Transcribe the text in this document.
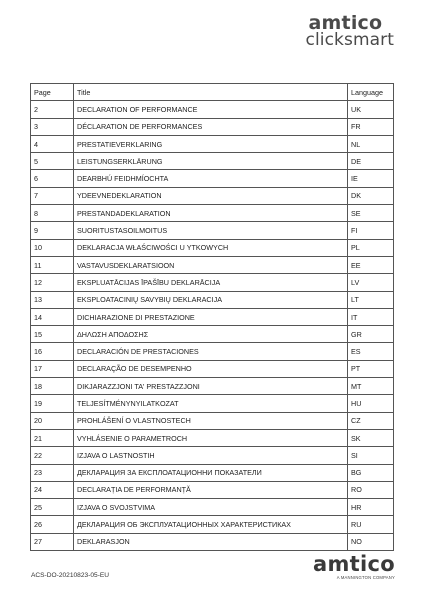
amtico
clicksmart
Page	Title	Language
2	DECLARATION OF PERFORMANCE	UK
3	DÉCLARATION DE PERFORMANCES	FR
4	PRESTATIEVERKLARING	NL
5	LEISTUNGSERKLÄRUNG	DE
6	DEARBHÚ FEIDHMÍOCHTA	IE
7	YDEEVNEDEKLARATION	DK
8	PRESTANDADEKLARATION	SE
9	SUORITUSTASOILMOITUS	FI
10	DEKLARACJA WŁAŚCIWOŚCI U YTKOWYCH	PL
11	VASTAVUSDEKLARATSIOON	EE
12	EKSPLUATĀCIJAS ĪPAŠĪBU DEKLARĀCIJA	LV
13	EKSPLOATACINIŲ SAVYBIŲ DEKLARACIJA	LT
14	DICHIARAZIONE DI PRESTAZIONE	IT
15	ΔΗΛΩΣΗ ΑΠΟΔΟΣΗΣ	GR
16	DECLARACIÓN DE PRESTACIONES	ES
17	DECLARAÇÃO DE DESEMPENHO	PT
18	DIKJARAZZJONI TA' PRESTAZZJONI	MT
19	TELJESÍTMÉNYNYILATKOZAT	HU
20	PROHLÁŠENÍ O VLASTNOSTECH	CZ
21	VYHLÁSENIE O PARAMETROCH	SK
22	IZJAVA O LASTNOSTIH	SI
23	ДЕКЛАРАЦИЯ ЗА ЕКСПЛОАТАЦИОННИ ПОКАЗАТЕЛИ	BG
24	DECLARAȚIA DE PERFORMANȚĂ	RO
25	IZJAVA O SVOJSTVIMA	HR
26	ДЕКЛАРАЦИЯ ОБ ЭКСПЛУАТАЦИОННЫХ ХАРАКТЕРИСТИКАХ	RU
27	DEKLARASJON	NO
ACS-DO-20210823-05-EU	amtico
A MANNINGTON COMPANY
